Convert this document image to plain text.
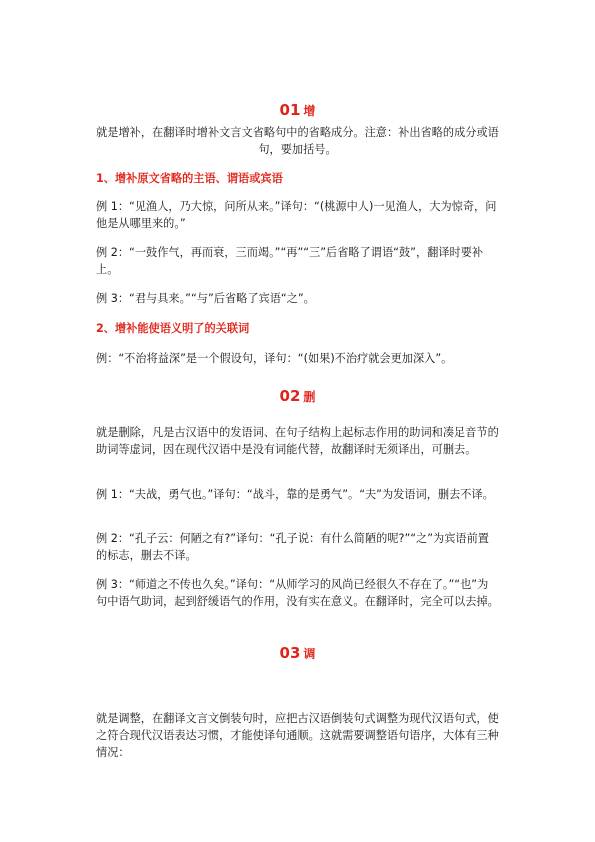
01 增

就是增补，在翻译时增补文言文省略句中的省略成分。注意：补出省略的成分或语句，要加括号。

1、增补原文省略的主语、谓语或宾语

例 1：“见渔人，乃大惊，问所从来。”译句：“(桃源中人)一见渔人，大为惊奇，问他是从哪里来的。”

例 2：“一鼓作气，再而衰，三而竭。”“再”“三”后省略了谓语“鼓”，翻译时要补上。

例 3：“君与具来。”“与”后省略了宾语“之”。

2、增补能使语义明了的关联词

例：“不治将益深”是一个假设句，译句：“(如果)不治疗就会更加深入”。

02 删

就是删除，凡是古汉语中的发语词、在句子结构上起标志作用的助词和凑足音节的助词等虚词，因在现代汉语中是没有词能代替，故翻译时无须译出，可删去。

例 1：“夫战，勇气也。”译句：“战斗，靠的是勇气”。“夫”为发语词，删去不译。

例 2：“孔子云：何陋之有?”译句：“孔子说：有什么简陋的呢?”“之”为宾语前置的标志，删去不译。

例 3：“师道之不传也久矣。”译句：“从师学习的风尚已经很久不存在了。”“也”为句中语气助词，起到舒缓语气的作用，没有实在意义。在翻译时，完全可以去掉。

03 调

就是调整，在翻译文言文倒装句时，应把古汉语倒装句式调整为现代汉语句式，使之符合现代汉语表达习惯，才能使译句通顺。这就需要调整语句语序，大体有三种情况：
